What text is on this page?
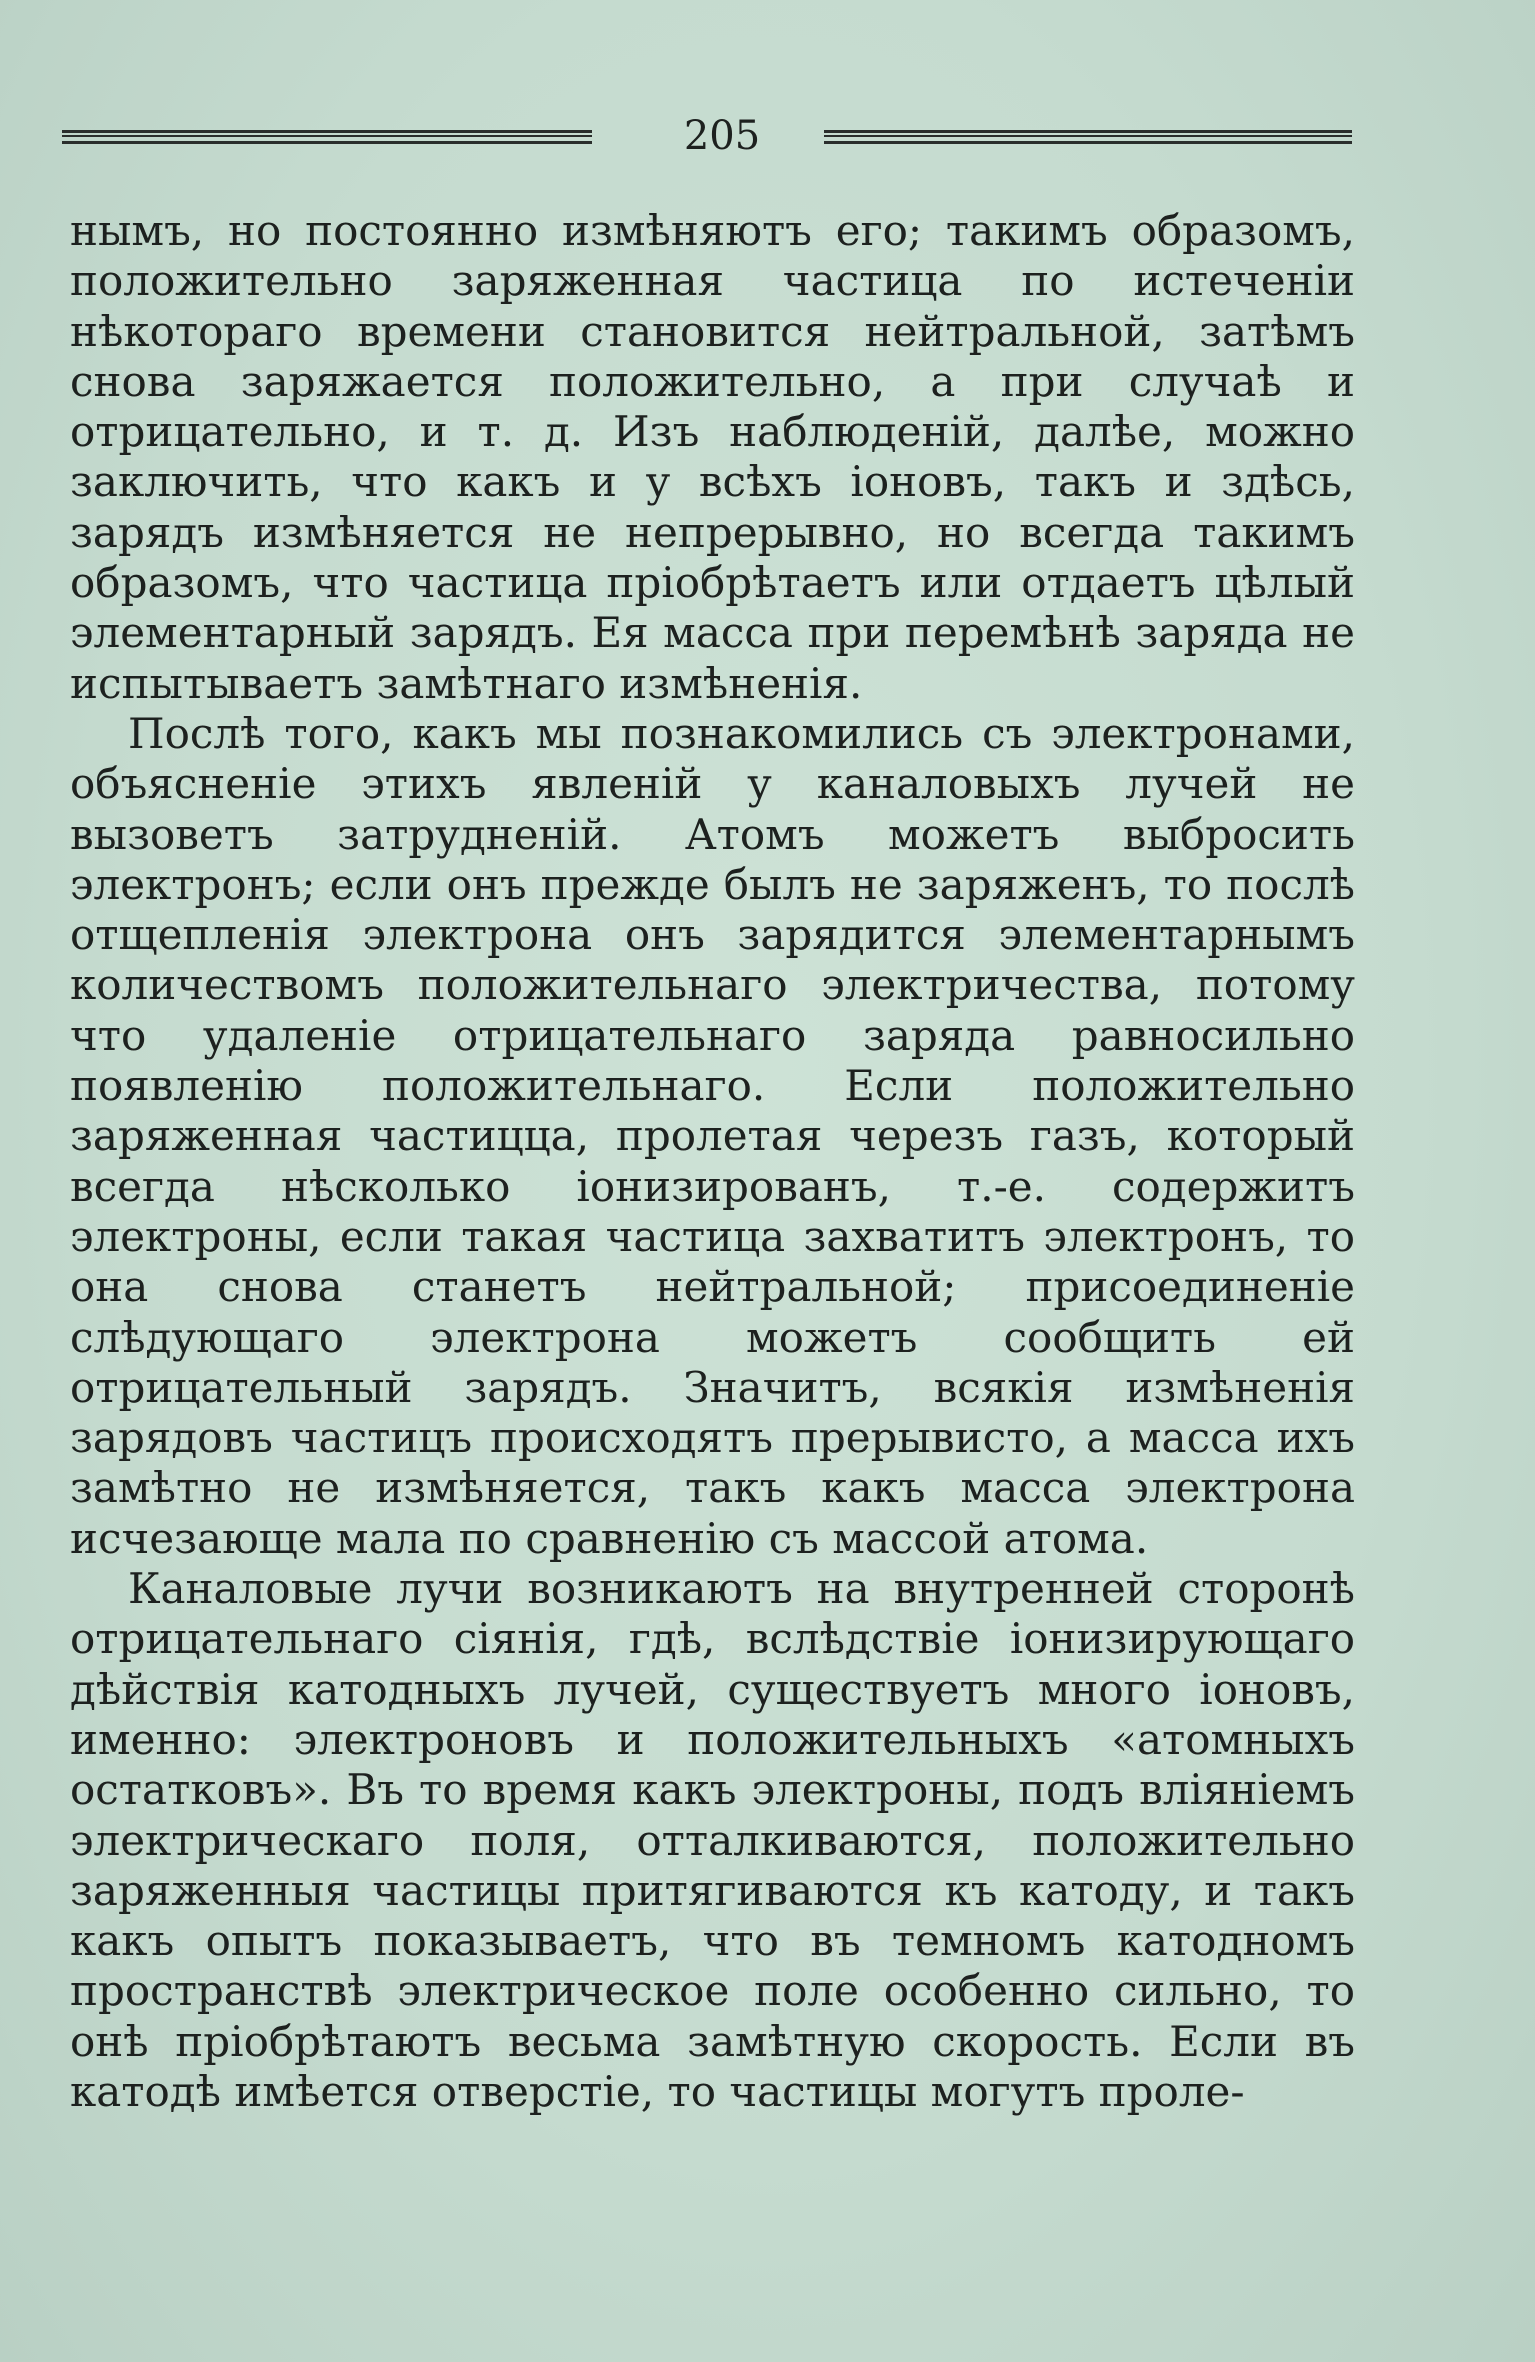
205

нымъ, но постоянно измѣняютъ его; такимъ образомъ, положительно заряженная частица по истеченіи нѣкотораго времени становится нейтральной, затѣмъ снова заряжается положительно, а при случаѣ и отрицательно, и т. д. Изъ наблюденій, далѣе, можно заключить, что какъ и у всѣхъ іоновъ, такъ и здѣсь, зарядъ измѣняется не непрерывно, но всегда такимъ образомъ, что частица пріобрѣтаетъ или отдаетъ цѣлый элементарный зарядъ. Ея масса при перемѣнѣ заряда не испытываетъ замѣтнаго измѣненія.

Послѣ того, какъ мы познакомились съ электронами, объясненіе этихъ явленій у каналовыхъ лучей не вызоветъ затрудненій. Атомъ можетъ выбросить электронъ; если онъ прежде былъ не заряженъ, то послѣ отщепленія электрона онъ зарядится элементарнымъ количествомъ положительнаго электричества, потому что удаленіе отрицательнаго заряда равносильно появленію положительнаго. Если положительно заряженная частицца, пролетая черезъ газъ, который всегда нѣсколько іонизированъ, т.-е. содержитъ электроны, если такая частица захватитъ электронъ, то она снова станетъ нейтральной; присоединеніе слѣдующаго электрона можетъ сообщить ей отрицательный зарядъ. Значитъ, всякія измѣненія зарядовъ частицъ происходятъ прерывисто, а масса ихъ замѣтно не измѣняется, такъ какъ масса электрона исчезающе мала по сравненію съ массой атома.

Каналовые лучи возникаютъ на внутренней сторонѣ отрицательнаго сіянія, гдѣ, вслѣдствіе іонизирующаго дѣйствія катодныхъ лучей, существуетъ много іоновъ, именно: электроновъ и положительныхъ «атомныхъ остатковъ». Въ то время какъ электроны, подъ вліяніемъ электрическаго поля, отталкиваются, положительно заряженныя частицы притягиваются къ катоду, и такъ какъ опытъ показываетъ, что въ темномъ катодномъ пространствѣ электрическое поле особенно сильно, то онѣ пріобрѣтаютъ весьма замѣтную скорость. Если въ катодѣ имѣется отверстіе, то частицы могутъ проле-
